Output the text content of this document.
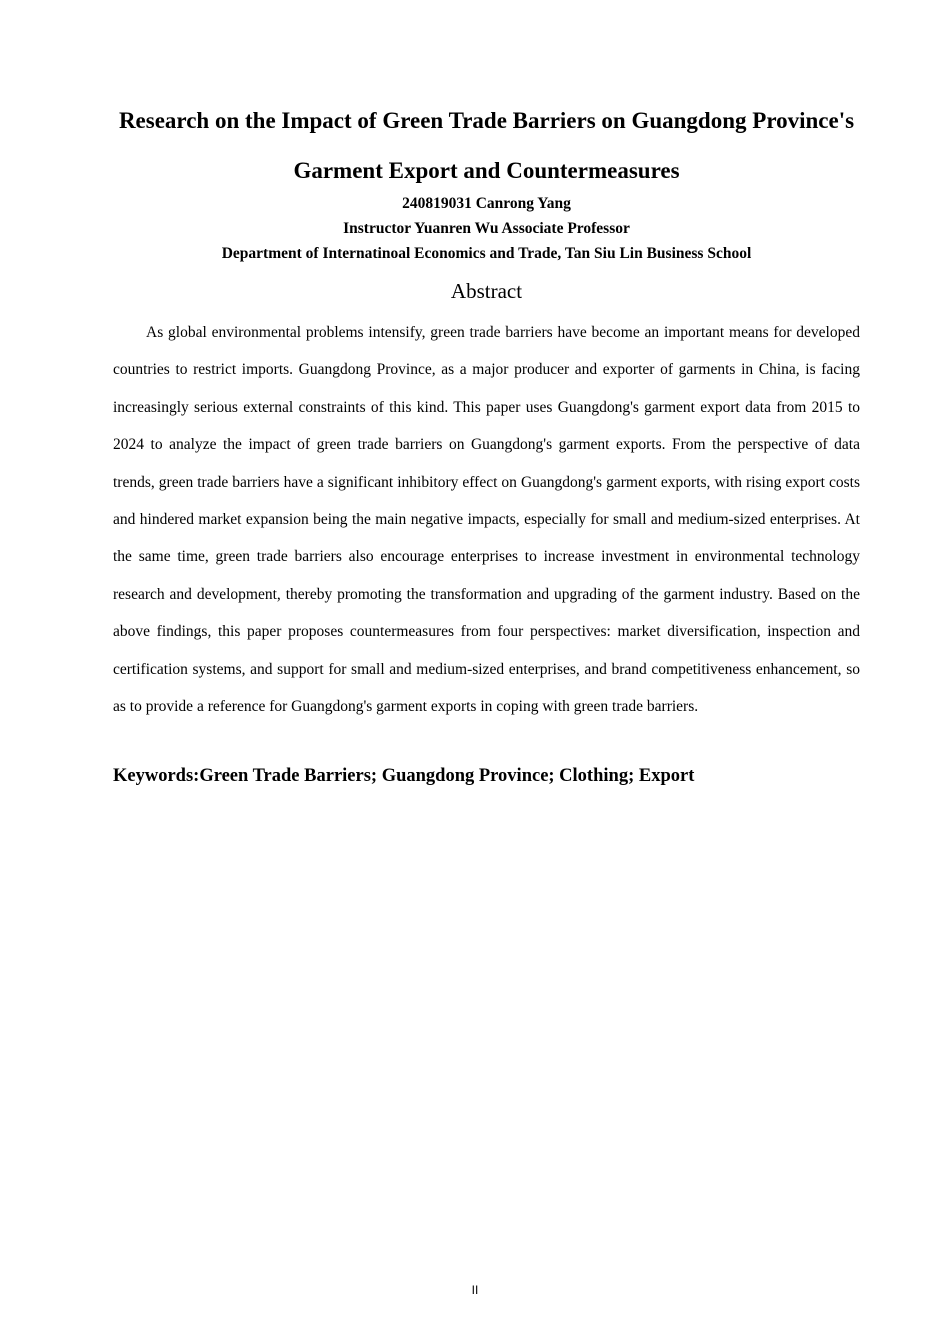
Research on the Impact of Green Trade Barriers on Guangdong Province's Garment Export and Countermeasures

240819031 Canrong Yang

Instructor Yuanren Wu Associate Professor

Department of Internatinoal Economics and Trade, Tan Siu Lin Business School

Abstract

As global environmental problems intensify, green trade barriers have become an important means for developed countries to restrict imports. Guangdong Province, as a major producer and exporter of garments in China, is facing increasingly serious external constraints of this kind. This paper uses Guangdong's garment export data from 2015 to 2024 to analyze the impact of green trade barriers on Guangdong's garment exports. From the perspective of data trends, green trade barriers have a significant inhibitory effect on Guangdong's garment exports, with rising export costs and hindered market expansion being the main negative impacts, especially for small and medium-sized enterprises. At the same time, green trade barriers also encourage enterprises to increase investment in environmental technology research and development, thereby promoting the transformation and upgrading of the garment industry. Based on the above findings, this paper proposes countermeasures from four perspectives: market diversification, inspection and certification systems, and support for small and medium-sized enterprises, and brand competitiveness enhancement, so as to provide a reference for Guangdong's garment exports in coping with green trade barriers.

Keywords:Green Trade Barriers; Guangdong Province; Clothing; Export

II
